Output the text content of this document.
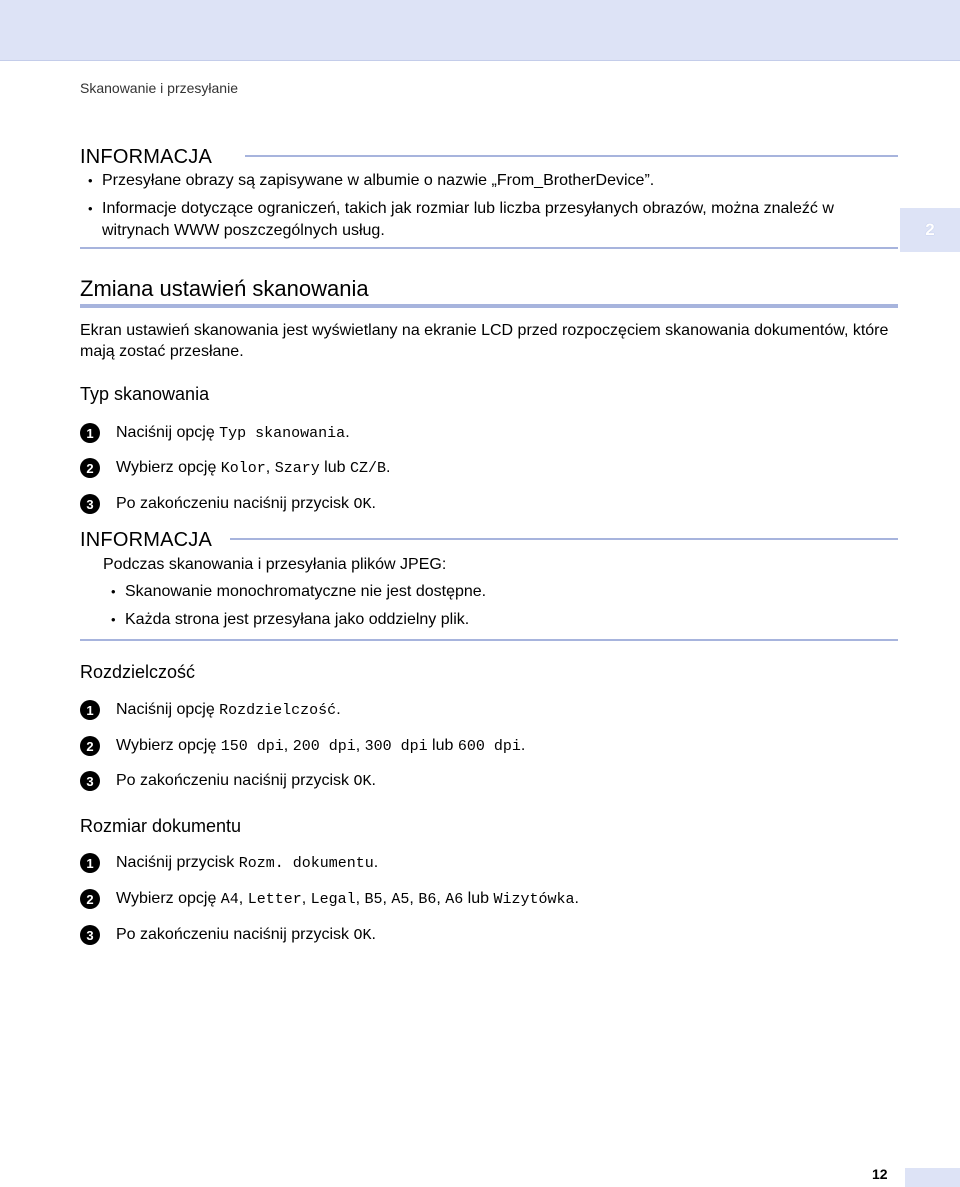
Skanowanie i przesyłanie
INFORMACJA
• Przesyłane obrazy są zapisywane w albumie o nazwie „From_BrotherDevice”.
• Informacje dotyczące ograniczeń, takich jak rozmiar lub liczba przesyłanych obrazów, można znaleźć w witrynach WWW poszczególnych usług.	2
Zmiana ustawień skanowania
Ekran ustawień skanowania jest wyświetlany na ekranie LCD przed rozpoczęciem skanowania dokumentów, które mają zostać przesłane.
Typ skanowania
1	Naciśnij opcję Typ skanowania .
2	Wybierz opcję Kolor , Szary lub CZ/B .
3	Po zakończeniu naciśnij przycisk OK .
INFORMACJA
Podczas skanowania i przesyłania plików JPEG:
• Skanowanie monochromatyczne nie jest dostępne.
• Każda strona jest przesyłana jako oddzielny plik.
Rozdzielczość
1	Naciśnij opcję Rozdzielczość .
2	Wybierz opcję 150 dpi , 200 dpi , 300 dpi lub 600 dpi .
3	Po zakończeniu naciśnij przycisk OK .
Rozmiar dokumentu
1	Naciśnij przycisk Rozm. dokumentu .
2	Wybierz opcję A4 , Letter , Legal , B5 , A5 , B6 , A6 lub Wizytówka .
3	Po zakończeniu naciśnij przycisk OK .
12
